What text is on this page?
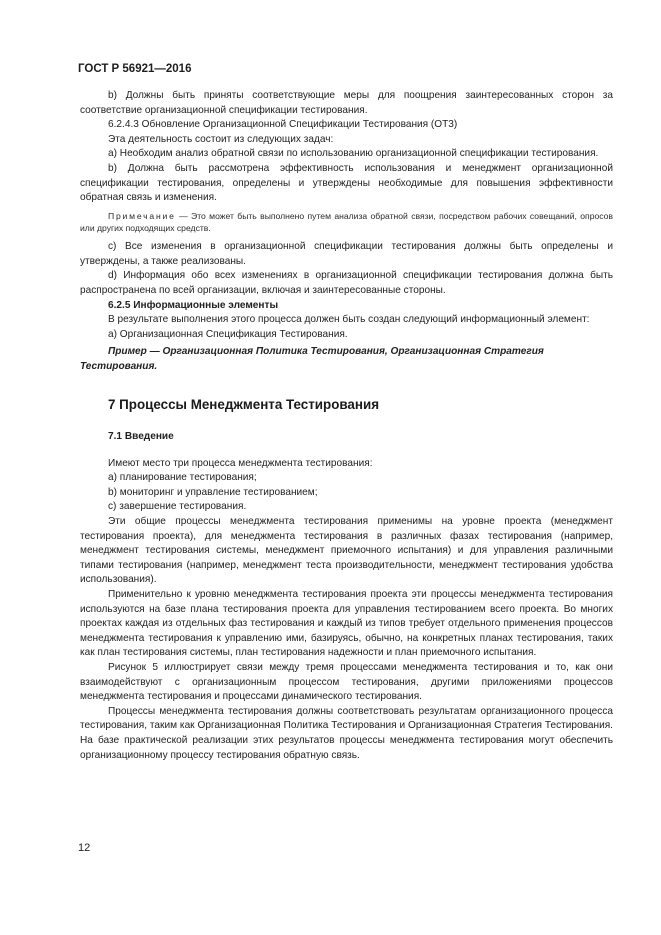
ГОСТ Р 56921—2016

b) Должны быть приняты соответствующие меры для поощрения заинтересованных сторон за соответствие организационной спецификации тестирования.

6.2.4.3 Обновление Организационной Спецификации Тестирования (ОТ3)

Эта деятельность состоит из следующих задач:

а) Необходим анализ обратной связи по использованию организационной спецификации тестирования.

b) Должна быть рассмотрена эффективность использования и менеджмент организационной спецификации тестирования, определены и утверждены необходимые для повышения эффективности обратная связь и изменения.

Примечание — Это может быть выполнено путем анализа обратной связи, посредством рабочих совещаний, опросов или других подходящих средств.

с) Все изменения в организационной спецификации тестирования должны быть определены и утверждены, а также реализованы.

d) Информация обо всех изменениях в организационной спецификации тестирования должна быть распространена по всей организации, включая и заинтересованные стороны.

6.2.5 Информационные элементы

В результате выполнения этого процесса должен быть создан следующий информационный элемент:

а) Организационная Спецификация Тестирования.

Пример — Организационная Политика Тестирования, Организационная Стратегия Тестирования.

7 Процессы Менеджмента Тестирования
7.1 Введение

Имеют место три процесса менеджмента тестирования:

а) планирование тестирования;

b) мониторинг и управление тестированием;

с) завершение тестирования.

Эти общие процессы менеджмента тестирования применимы на уровне проекта (менеджмент тестирования проекта), для менеджмента тестирования в различных фазах тестирования (например, менеджмент тестирования системы, менеджмент приемочного испытания) и для управления различными типами тестирования (например, менеджмент теста производительности, менеджмент тестирования удобства использования).

Применительно к уровню менеджмента тестирования проекта эти процессы менеджмента тестирования используются на базе плана тестирования проекта для управления тестированием всего проекта. Во многих проектах каждая из отдельных фаз тестирования и каждый из типов требует отдельного применения процессов менеджмента тестирования к управлению ими, базируясь, обычно, на конкретных планах тестирования, таких как план тестирования системы, план тестирования надежности и план приемочного испытания.

Рисунок 5 иллюстрирует связи между тремя процессами менеджмента тестирования и то, как они взаимодействуют с организационным процессом тестирования, другими приложениями процессов менеджмента тестирования и процессами динамического тестирования.

Процессы менеджмента тестирования должны соответствовать результатам организационного процесса тестирования, таким как Организационная Политика Тестирования и Организационная Стратегия Тестирования. На базе практической реализации этих результатов процессы менеджмента тестирования могут обеспечить организационному процессу тестирования обратную связь.

12
